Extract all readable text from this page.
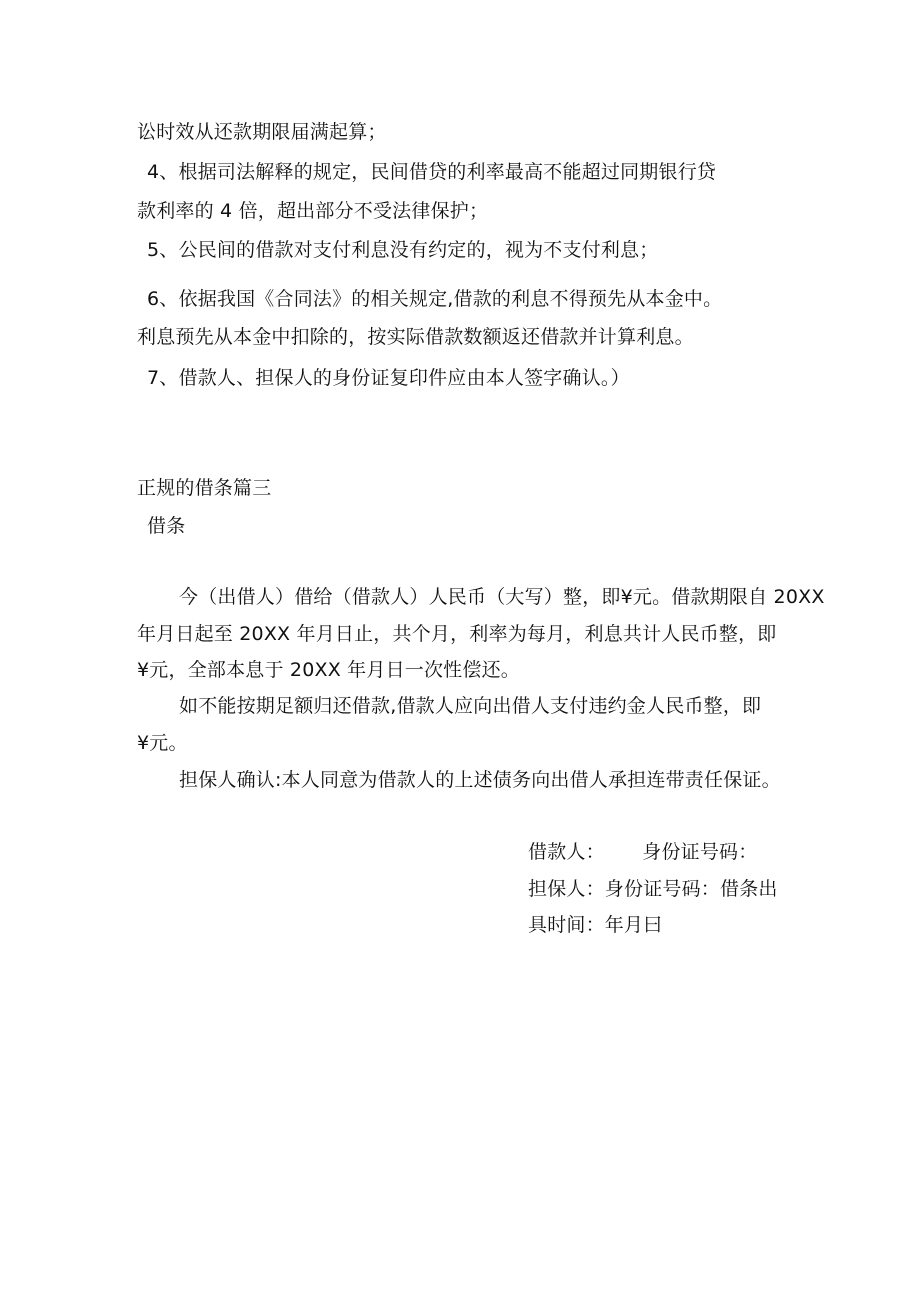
讼时效从还款期限届满起算；
4、根据司法解释的规定，民间借贷的利率最高不能超过同期银行贷
款利率的 4 倍，超出部分不受法律保护；
5、公民间的借款对支付利息没有约定的，视为不支付利息；
6、依据我国《合同法》的相关规定,借款的利息不得预先从本金中。
利息预先从本金中扣除的，按实际借款数额返还借款并计算利息。
7、借款人、担保人的身份证复印件应由本人签字确认。）
正规的借条篇三
借条
今（出借人）借给（借款人）人民币（大写）整，即¥元。借款期限自 20XX
年月日起至 20XX 年月日止，共个月，利率为每月，利息共计人民币整，即
¥元，全部本息于 20XX 年月日一次性偿还。
如不能按期足额归还借款,借款人应向出借人支付违约金人民币整，即
¥元。
担保人确认:本人同意为借款人的上述债务向出借人承担连带责任保证。
借款人：      身份证号码：
担保人：身份证号码：借条出
具时间：年月曰
